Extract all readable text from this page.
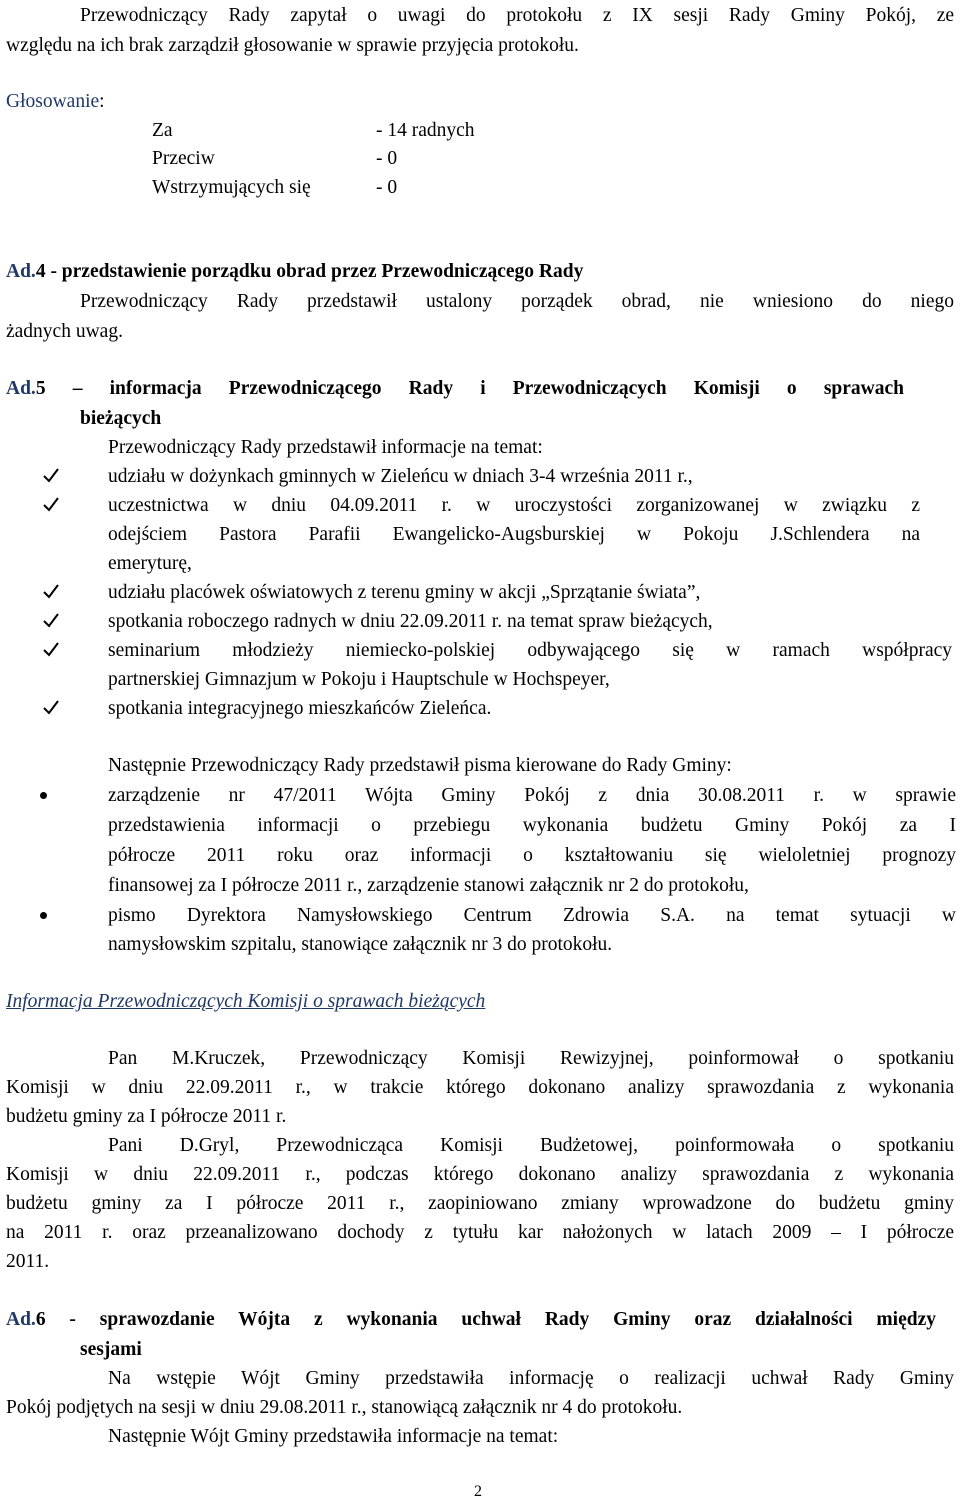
Przewodniczący Rady zapytał o uwagi do protokołu z IX sesji Rady Gminy Pokój, ze
względu na ich brak zarządził głosowanie w sprawie przyjęcia protokołu.
Głosowanie:
Za	- 14 radnych
Przeciw	- 0
Wstrzymujących się	- 0
Ad.4 - przedstawienie porządku obrad przez Przewodniczącego Rady
Przewodniczący Rady przedstawił ustalony porządek obrad, nie wniesiono do niego
żadnych uwag.
Ad.5 – informacja Przewodniczącego Rady i Przewodniczących Komisji o sprawach
bieżących
Przewodniczący Rady przedstawił informacje na temat:
udziału w dożynkach gminnych w Zieleńcu w dniach 3-4 września 2011 r.,
uczestnictwa w dniu 04.09.2011 r. w uroczystości zorganizowanej w związku z
odejściem Pastora Parafii Ewangelicko-Augsburskiej w Pokoju J.Schlendera na
emeryturę,
udziału placówek oświatowych z terenu gminy w akcji „Sprzątanie świata”,
spotkania roboczego radnych w dniu 22.09.2011 r. na temat spraw bieżących,
seminarium młodzieży niemiecko-polskiej odbywającego się w ramach współpracy
partnerskiej Gimnazjum w Pokoju i Hauptschule w Hochspeyer,
spotkania integracyjnego mieszkańców Zieleńca.
Następnie Przewodniczący Rady przedstawił pisma kierowane do Rady Gminy:
zarządzenie nr 47/2011 Wójta Gminy Pokój z dnia 30.08.2011 r. w sprawie
przedstawienia informacji o przebiegu wykonania budżetu Gminy Pokój za I
półrocze 2011 roku oraz informacji o kształtowaniu się wieloletniej prognozy
finansowej za I półrocze 2011 r., zarządzenie stanowi załącznik nr 2 do protokołu,
pismo Dyrektora Namysłowskiego Centrum Zdrowia S.A. na temat sytuacji w
namysłowskim szpitalu, stanowiące załącznik nr 3 do protokołu.
Informacja Przewodniczących Komisji o sprawach bieżących
Pan M.Kruczek, Przewodniczący Komisji Rewizyjnej, poinformował o spotkaniu
Komisji w dniu 22.09.2011 r., w trakcie którego dokonano analizy sprawozdania z wykonania
budżetu gminy za I półrocze 2011 r.
Pani D.Gryl, Przewodnicząca Komisji Budżetowej, poinformowała o spotkaniu
Komisji w dniu 22.09.2011 r., podczas którego dokonano analizy sprawozdania z wykonania
budżetu gminy za I półrocze 2011 r., zaopiniowano zmiany wprowadzone do budżetu gminy
na 2011 r. oraz przeanalizowano dochody z tytułu kar nałożonych w latach 2009 – I półrocze
2011.
Ad.6 - sprawozdanie Wójta z wykonania uchwał Rady Gminy oraz działalności między
sesjami
Na wstępie Wójt Gminy przedstawiła informację o realizacji uchwał Rady Gminy
Pokój podjętych na sesji w dniu 29.08.2011 r., stanowiącą załącznik nr 4 do protokołu.
Następnie Wójt Gminy przedstawiła informacje na temat:
2
